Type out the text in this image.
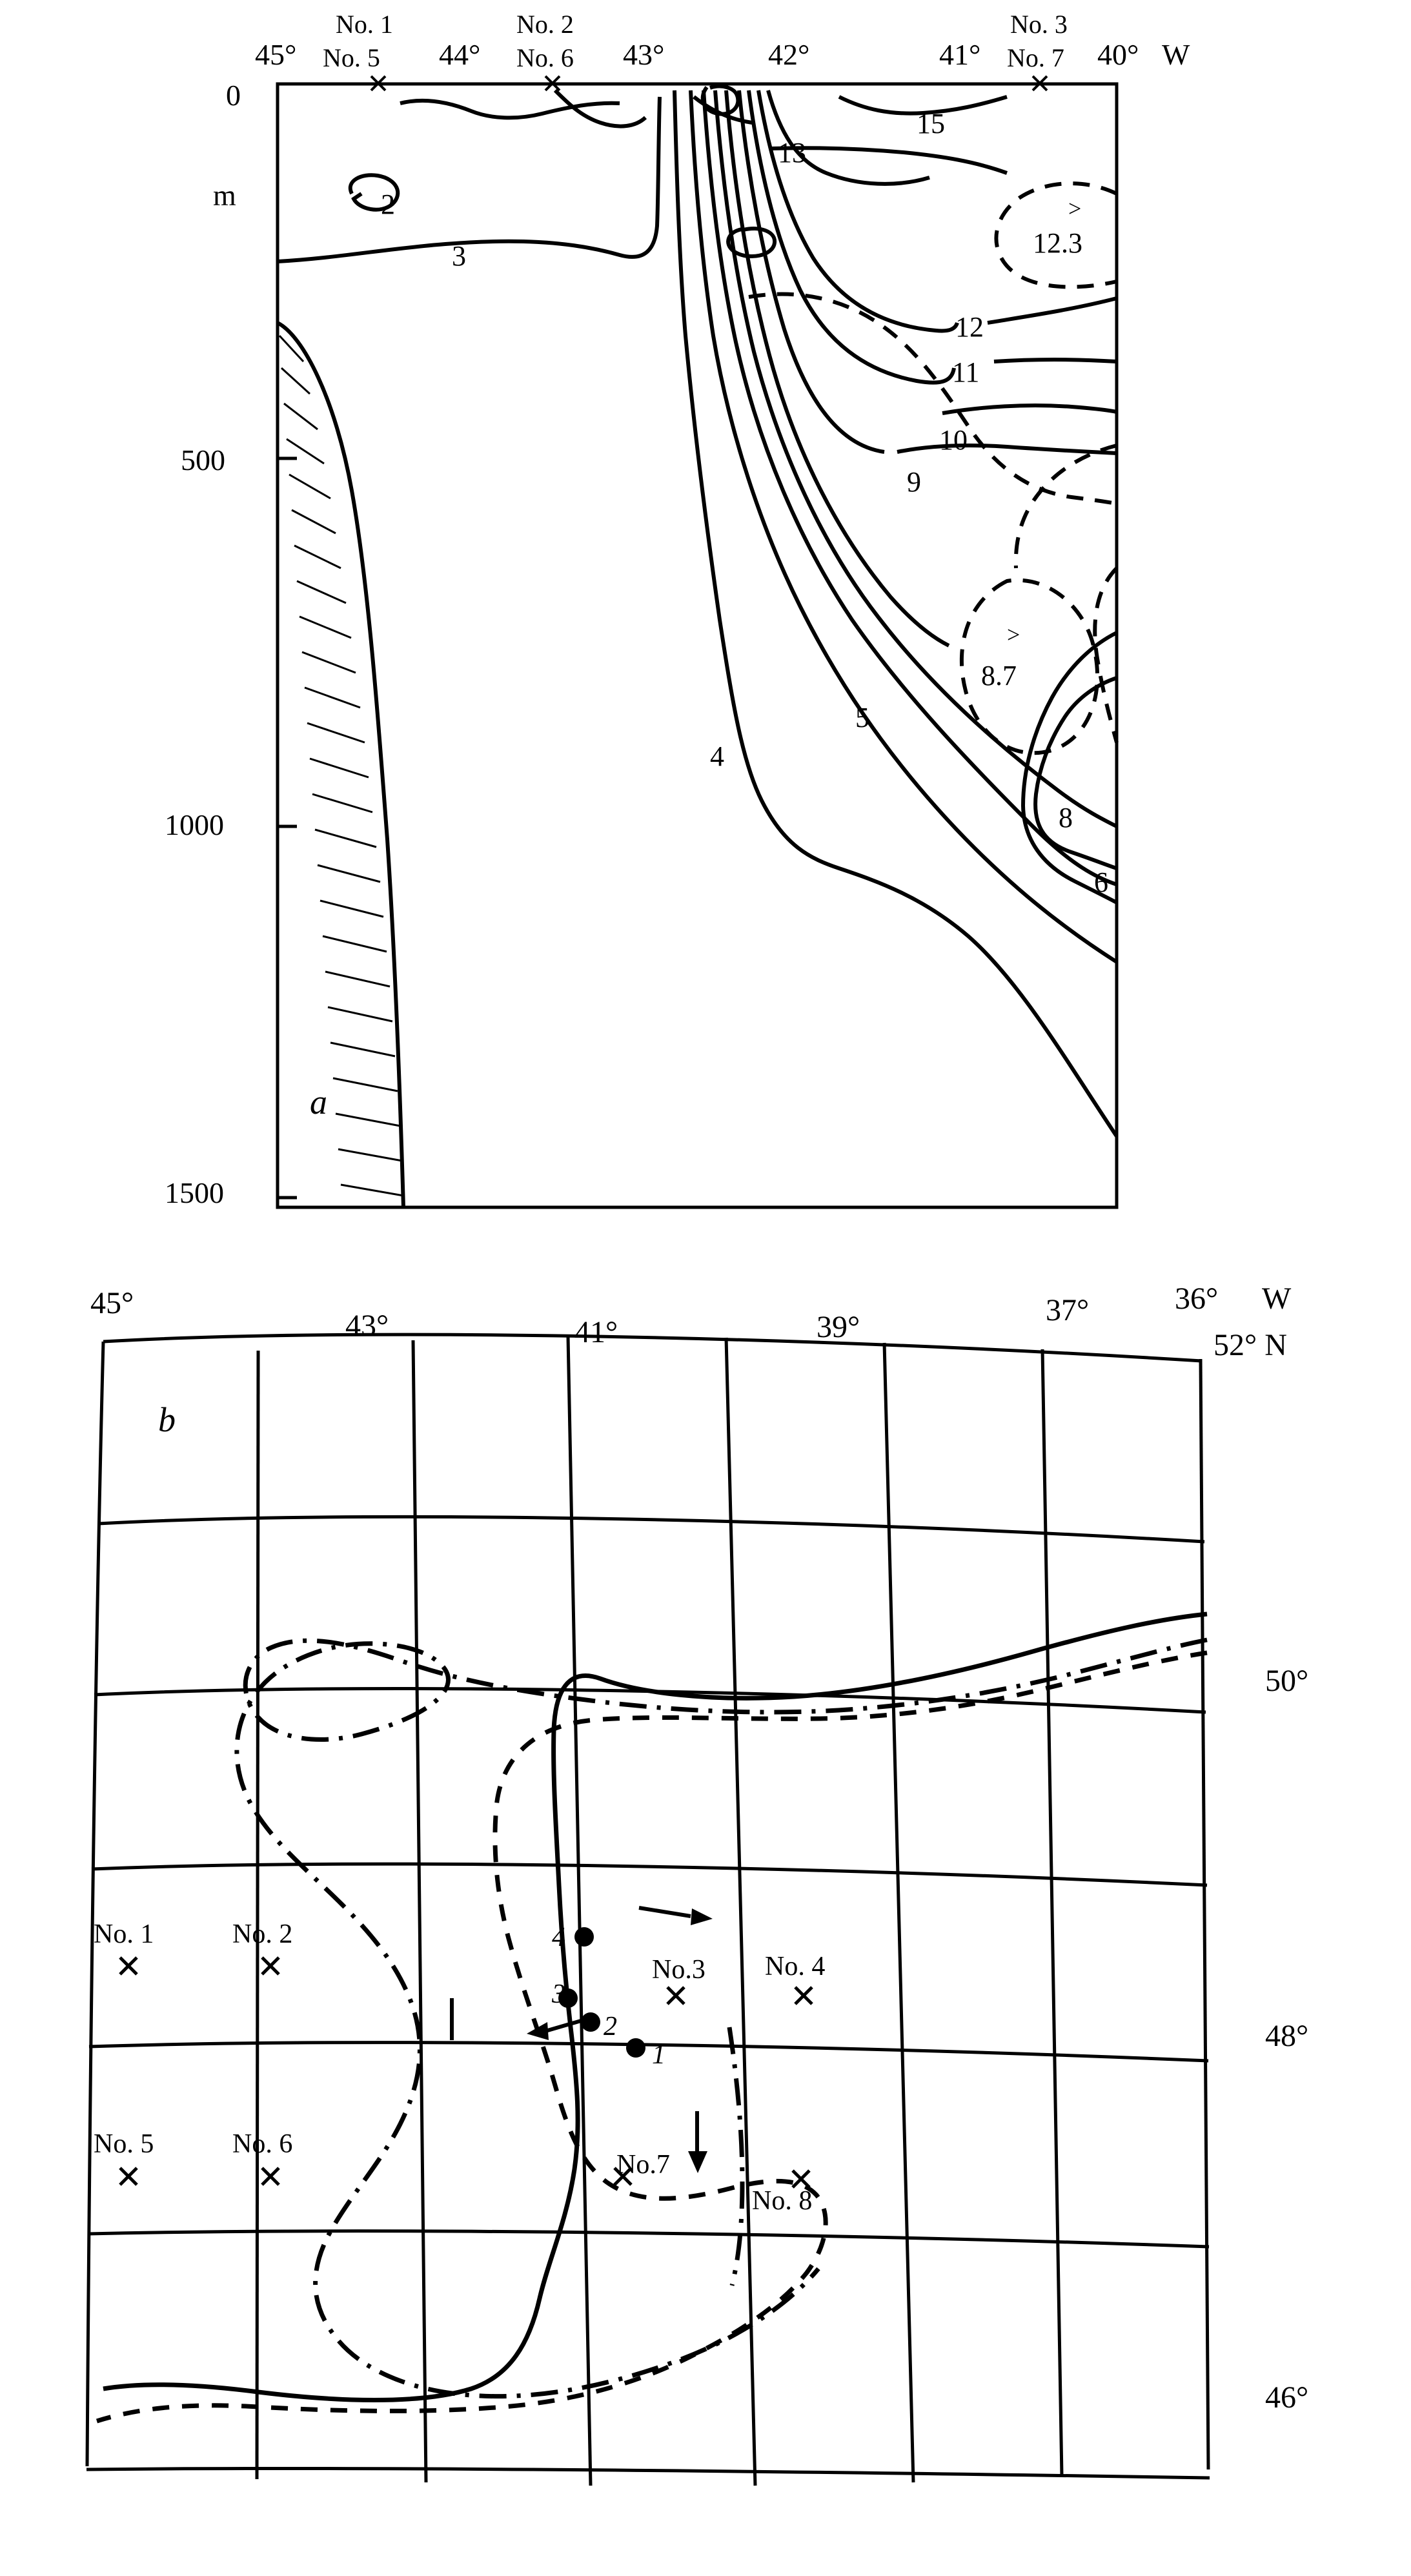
No. 1
No. 5
No. 2
No. 6
No. 3
No. 7
45°	44°	43°	42°	41°	40° W
0
m
500
1000
1500
a
2
3
4
5
6
8
9
10
11
12
13
15
>
12.3
>
8.7
45°
43°	41°	39°	37°	36° W
52° N
50°
48°
46°
b
No. 1	No. 2
No.3 No. 4
No. 5	No. 6
No.7
No. 8
4
3
2
1
